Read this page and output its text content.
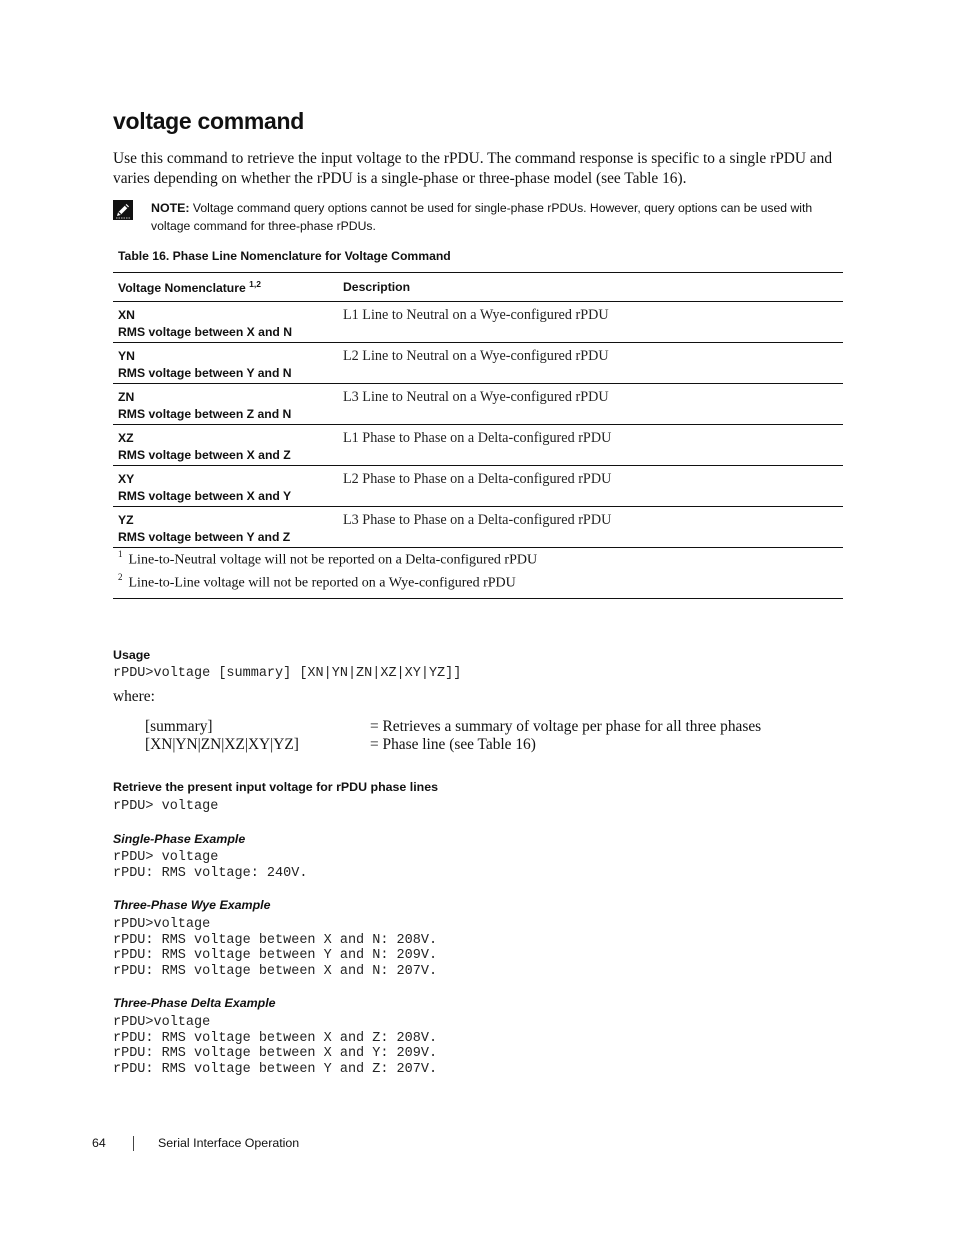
voltage command

Use this command to retrieve the input voltage to the rPDU. The command response is specific to a single rPDU and varies depending on whether the rPDU is a single-phase or three-phase model (see Table 16).

NOTE: Voltage command query options cannot be used for single-phase rPDUs. However, query options can be used with voltage command for three-phase rPDUs.
Table 16. Phase Line Nomenclature for Voltage Command
Voltage Nomenclature $^{1,2}$	Description

XN
RMS voltage between X and N	L1 Line to Neutral on a Wye-configured rPDU

YN
RMS voltage between Y and N	L2 Line to Neutral on a Wye-configured rPDU

ZN
RMS voltage between Z and N	L3 Line to Neutral on a Wye-configured rPDU

XZ
RMS voltage between X and Z	L1 Phase to Phase on a Delta-configured rPDU

XY
RMS voltage between X and Y	L2 Phase to Phase on a Delta-configured rPDU

YZ
RMS voltage between Y and Z	L3 Phase to Phase on a Delta-configured rPDU
$^1$ Line-to-Neutral voltage will not be reported on a Delta-configured rPDU	
$^2$ Line-to-Line voltage will not be reported on a Wye-configured rPDU	
Usage
rPDU>voltage [summary] [XN|YN|ZN|XZ|XY|YZ]]
where:
[summary]	= Retrieves a summary of voltage per phase for all three phases
[XN|YN|ZN|XZ|XY|YZ]	= Phase line (see Table 16)
Retrieve the present input voltage for rPDU phase lines
rPDU> voltage
Single-Phase Example
rPDU> voltage
rPDU: RMS voltage: 240V.
Three-Phase Wye Example
rPDU>voltage
rPDU: RMS voltage between X and N: 208V.
rPDU: RMS voltage between Y and N: 209V.
rPDU: RMS voltage between X and N: 207V.
Three-Phase Delta Example
rPDU>voltage
rPDU: RMS voltage between X and Z: 208V.
rPDU: RMS voltage between X and Y: 209V.
rPDU: RMS voltage between Y and Z: 207V.
64	Serial Interface Operation
